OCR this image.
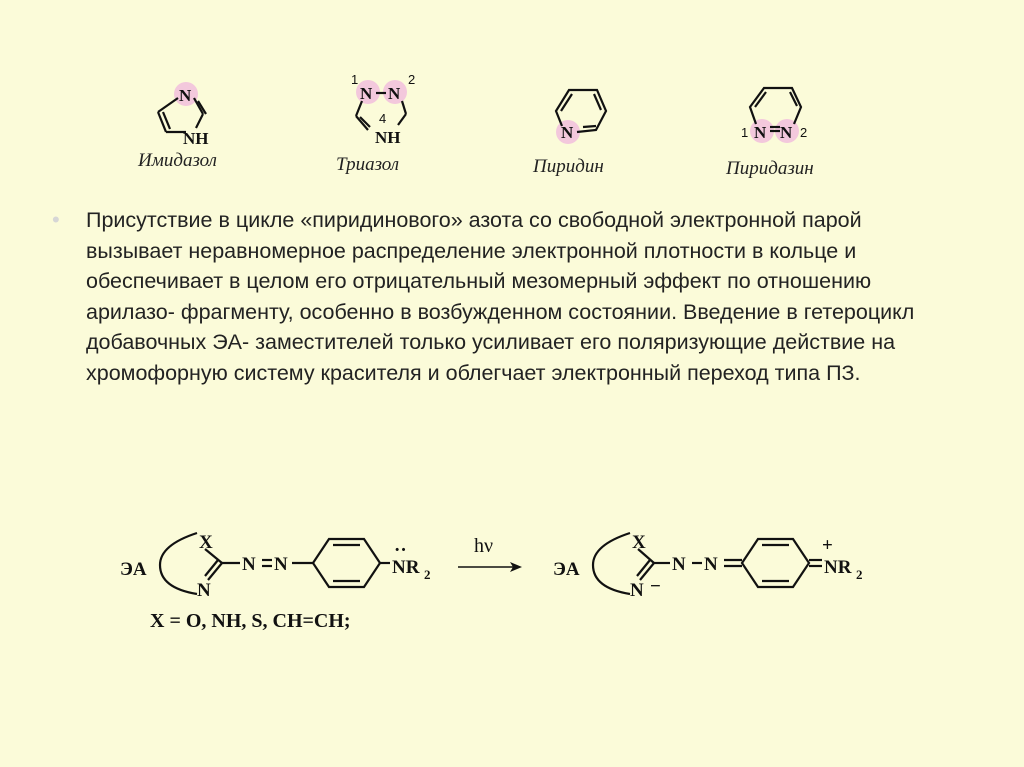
N
NH
N N
NH
1	2
4
N	N N
1	2
Имидазол	Триазол	Пиридин	Пиридазин
• Присутствие в цикле «пиридинового» азота со свободной электронной парой вызывает неравномерное распределение электронной плотности в кольце и обеспечивает в целом его отрицательный мезомерный эффект по отношению арилазо- фрагменту, особенно в возбужденном состоянии. Введение в гетероцикл добавочных ЭА- заместителей только усиливает его поляризующие действие на хромофорную систему красителя и облегчает электронный переход типа ПЗ.

ЭА
X
N
N N	NR 2
··	hν
ЭА
X
N −
N N	NR 2
+
X = O, NH, S, CH=CH;
